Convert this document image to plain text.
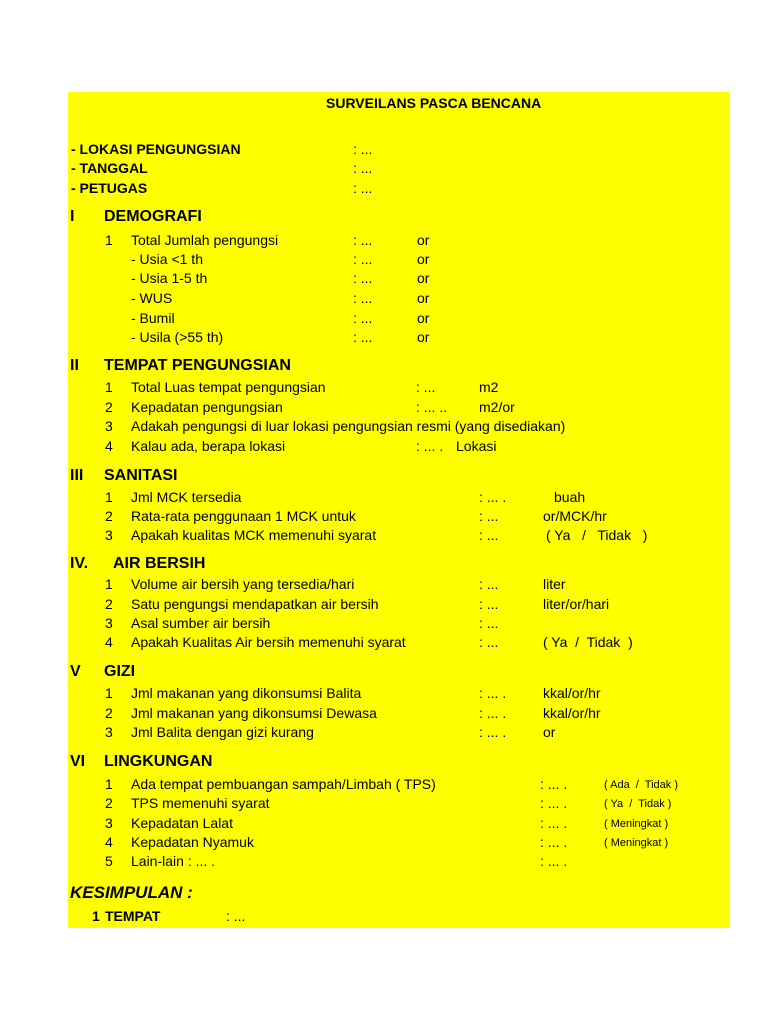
SURVEILANS PASCA BENCANA
- LOKASI PENGUNGSIAN	: ...
- TANGGAL	: ...
- PETUGAS	: ...
I DEMOGRAFI
1 Total Jumlah pengungsi	: ...	or
- Usia <1 th	: ...	or
- Usia 1-5 th	: ...	or
- WUS	: ...	or
- Bumil	: ...	or
- Usila (>55 th)	: ...	or
II TEMPAT PENGUNGSIAN
1 Total Luas tempat pengungsian	: ...	m2
2 Kepadatan pengungsian	: ... .. m2/or
3 Adakah pengungsi di luar lokasi pengungsian resmi (yang disediakan)
4 Kalau ada, berapa lokasi	: ... . Lokasi
III SANITASI
1 Jml MCK tersedia	: ... .	buah
2 Rata-rata penggunaan 1 MCK untuk	: ...	or/MCK/hr
3 Apakah kualitas MCK memenuhi syarat	: ...	( Ya   /   Tidak   )
IV. AIR BERSIH
1 Volume air bersih yang tersedia/hari	: ...	liter
2 Satu pengungsi mendapatkan air bersih	: ...	liter/or/hari
3 Asal sumber air bersih	: ...
4 Apakah Kualitas Air bersih memenuhi syarat	: ...	( Ya  /  Tidak  )
V GIZI
1 Jml makanan yang dikonsumsi Balita	: ... .	kkal/or/hr
2 Jml makanan yang dikonsumsi Dewasa	: ... .	kkal/or/hr
3 Jml Balita dengan gizi kurang	: ... .	or
VI LINGKUNGAN
1 Ada tempat pembuangan sampah/Limbah ( TPS)	: ... .	( Ada  /  Tidak )
2 TPS memenuhi syarat	: ... .	( Ya  /  Tidak )
3 Kepadatan Lalat	: ... .	( Meningkat )
4 Kepadatan Nyamuk	: ... .	( Meningkat )
5 Lain-lain : ... .	: ... .
KESIMPULAN :
1 TEMPAT	: ...
